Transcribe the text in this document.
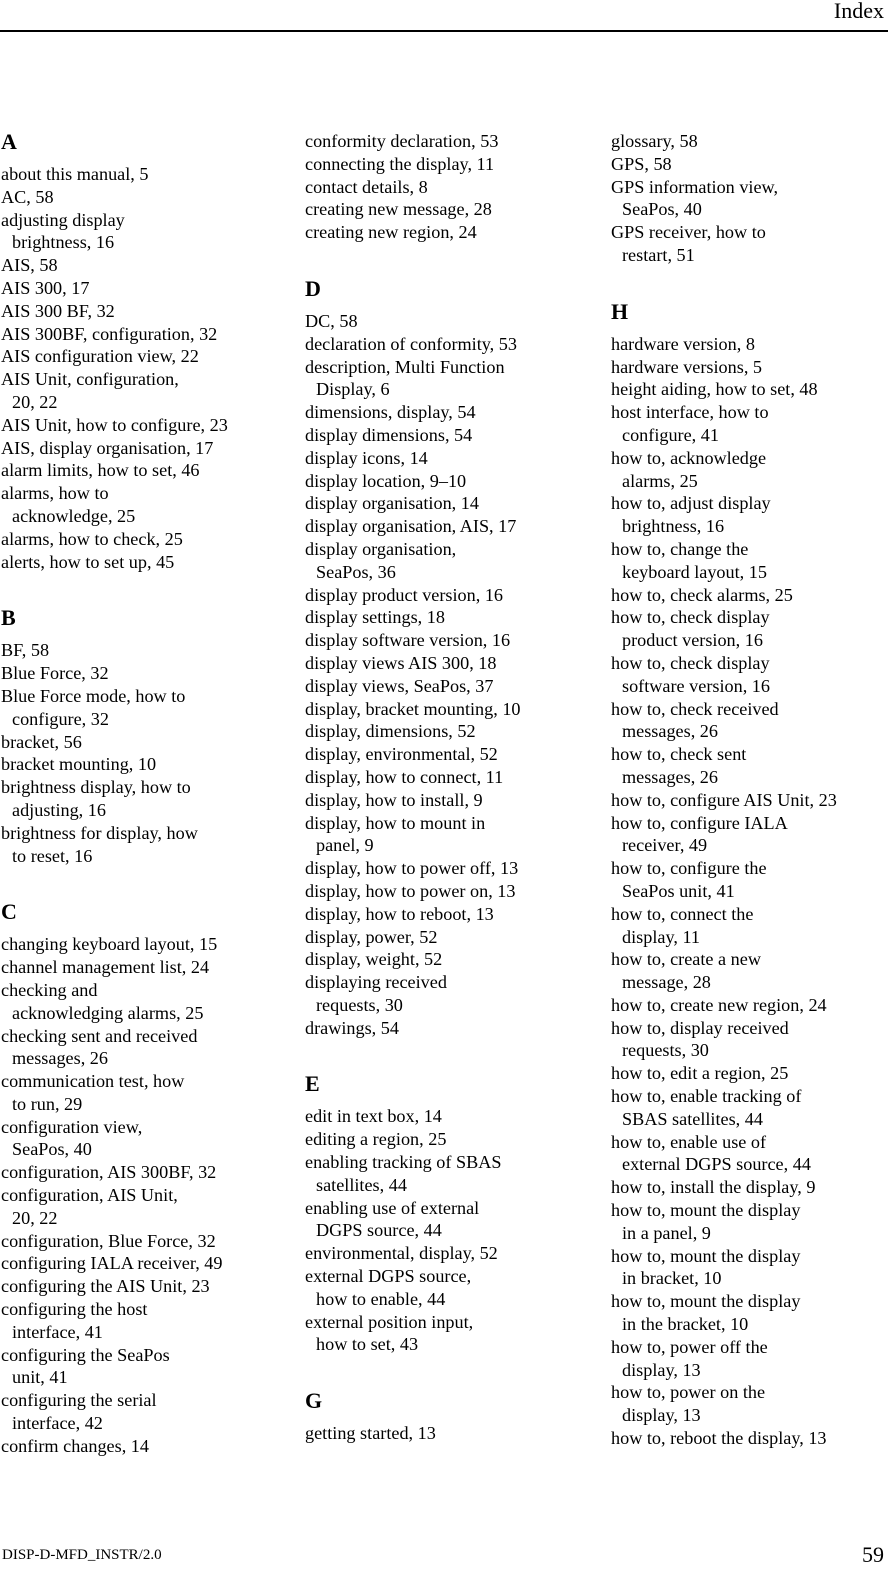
Index
A
about this manual, 5
AC, 58
adjusting display
brightness, 16
AIS, 58
AIS 300, 17
AIS 300 BF, 32
AIS 300BF, configuration, 32
AIS configuration view, 22
AIS Unit, configuration,
20, 22
AIS Unit, how to configure, 23
AIS, display organisation, 17
alarm limits, how to set, 46
alarms, how to
acknowledge, 25
alarms, how to check, 25
alerts, how to set up, 45
B
BF, 58
Blue Force, 32
Blue Force mode, how to
configure, 32
bracket, 56
bracket mounting, 10
brightness display, how to
adjusting, 16
brightness for display, how
to reset, 16
C
changing keyboard layout, 15
channel management list, 24
checking and
acknowledging alarms, 25
checking sent and received
messages, 26
communication test, how
to run, 29
configuration view,
SeaPos, 40
configuration, AIS 300BF, 32
configuration, AIS Unit,
20, 22
configuration, Blue Force, 32
configuring IALA receiver, 49
configuring the AIS Unit, 23
configuring the host
interface, 41
configuring the SeaPos
unit, 41
configuring the serial
interface, 42
confirm changes, 14
conformity declaration, 53
connecting the display, 11
contact details, 8
creating new message, 28
creating new region, 24
D
DC, 58
declaration of conformity, 53
description, Multi Function
Display, 6
dimensions, display, 54
display dimensions, 54
display icons, 14
display location, 9–10
display organisation, 14
display organisation, AIS, 17
display organisation,
SeaPos, 36
display product version, 16
display settings, 18
display software version, 16
display views AIS 300, 18
display views, SeaPos, 37
display, bracket mounting, 10
display, dimensions, 52
display, environmental, 52
display, how to connect, 11
display, how to install, 9
display, how to mount in
panel, 9
display, how to power off, 13
display, how to power on, 13
display, how to reboot, 13
display, power, 52
display, weight, 52
displaying received
requests, 30
drawings, 54
E
edit in text box, 14
editing a region, 25
enabling tracking of SBAS
satellites, 44
enabling use of external
DGPS source, 44
environmental, display, 52
external DGPS source,
how to enable, 44
external position input,
how to set, 43
G
getting started, 13
glossary, 58
GPS, 58
GPS information view,
SeaPos, 40
GPS receiver, how to
restart, 51
H
hardware version, 8
hardware versions, 5
height aiding, how to set, 48
host interface, how to
configure, 41
how to, acknowledge
alarms, 25
how to, adjust display
brightness, 16
how to, change the
keyboard layout, 15
how to, check alarms, 25
how to, check display
product version, 16
how to, check display
software version, 16
how to, check received
messages, 26
how to, check sent
messages, 26
how to, configure AIS Unit, 23
how to, configure IALA
receiver, 49
how to, configure the
SeaPos unit, 41
how to, connect the
display, 11
how to, create a new
message, 28
how to, create new region, 24
how to, display received
requests, 30
how to, edit a region, 25
how to, enable tracking of
SBAS satellites, 44
how to, enable use of
external DGPS source, 44
how to, install the display, 9
how to, mount the display
in a panel, 9
how to, mount the display
in bracket, 10
how to, mount the display
in the bracket, 10
how to, power off the
display, 13
how to, power on the
display, 13
how to, reboot the display, 13
DISP-D-MFD_INSTR/2.0	59
